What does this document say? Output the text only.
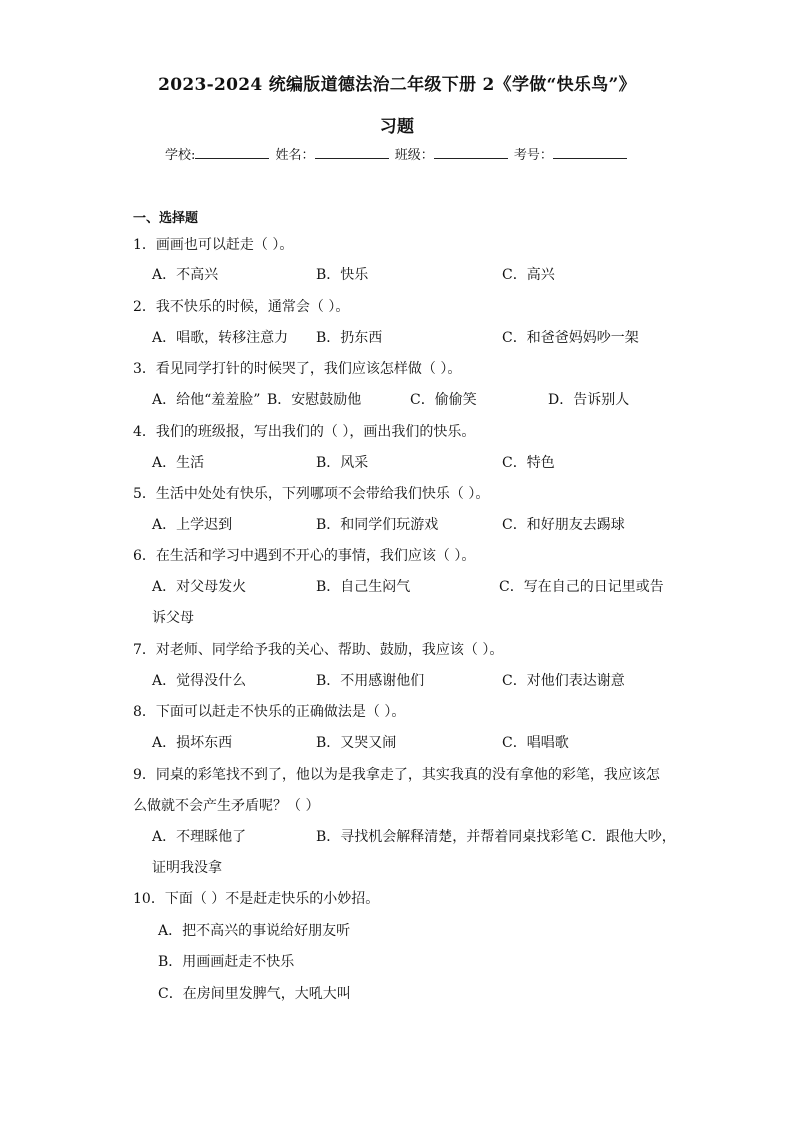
2023-2024 统编版道德法治二年级下册 2《学做“快乐鸟”》
习题
学校:	姓名：	班级：	考号：
一、选择题
1．画画也可以赶走（ ）。
A．不高兴	B．快乐	C．高兴
2．我不快乐的时候，通常会（ ）。
A．唱歌，转移注意力 B．扔东西	C．和爸爸妈妈吵一架
3．看见同学打针的时候哭了，我们应该怎样做（ ）。
A．给他“羞羞脸” B．安慰鼓励他	C．偷偷笑	D．告诉别人
4．我们的班级报，写出我们的（ ），画出我们的快乐。
A．生活	B．风采	C．特色
5．生活中处处有快乐，下列哪项不会带给我们快乐（ ）。
A．上学迟到	B．和同学们玩游戏	C．和好朋友去踢球
6．在生活和学习中遇到不开心的事情，我们应该（ ）。
A．对父母发火	B．自己生闷气	C．写在自己的日记里或告
诉父母
7．对老师、同学给予我的关心、帮助、鼓励，我应该（ ）。
A．觉得没什么	B．不用感谢他们	C．对他们表达谢意
8．下面可以赶走不快乐的正确做法是（ ）。
A．损坏东西	B．又哭又闹	C．唱唱歌
9．同桌的彩笔找不到了，他以为是我拿走了，其实我真的没有拿他的彩笔，我应该怎
么做就不会产生矛盾呢？（ ）
A．不理睬他了	B．寻找机会解释清楚，并帮着同桌找彩笔 C．跟他大吵，
证明我没拿
10．下面（ ）不是赶走快乐的小妙招。
A．把不高兴的事说给好朋友听
B．用画画赶走不快乐
C．在房间里发脾气，大吼大叫
